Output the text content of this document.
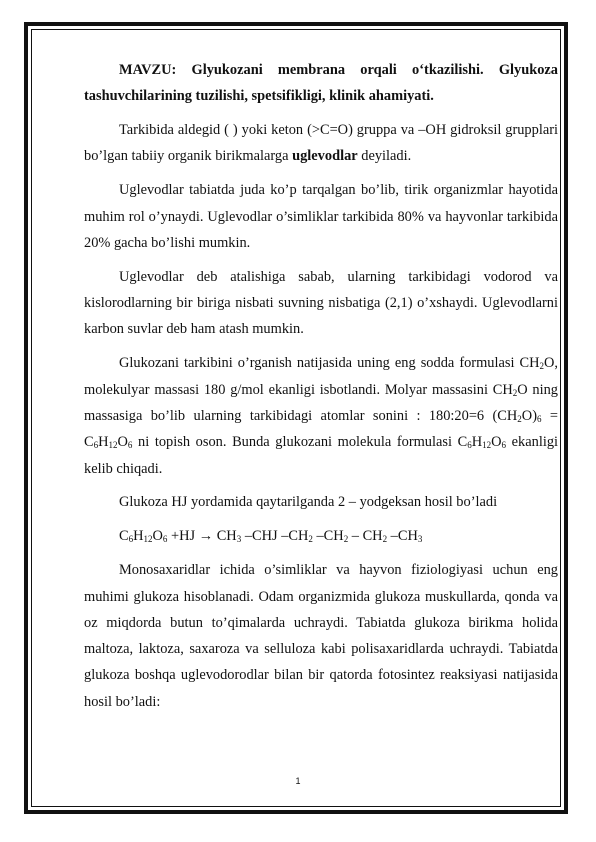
MAVZU: Glyukozani membrana orqali o‘tkazilishi. Glyukoza tashuvchilarining tuzilishi, spetsifikligi, klinik ahamiyati.

Tarkibida aldegid ( ) yoki keton (>C=O) gruppa va –OH gidroksil grupplari bo’lgan tabiiy organik birikmalarga uglevodlar deyiladi.

Uglevodlar tabiatda juda ko’p tarqalgan bo’lib, tirik organizmlar hayotida muhim rol o’ynaydi. Uglevodlar o’simliklar tarkibida 80% va hayvonlar tarkibida 20% gacha bo’lishi mumkin.

Uglevodlar deb atalishiga sabab, ularning tarkibidagi vodorod va kislorodlarning bir biriga nisbati suvning nisbatiga (2,1) o’xshaydi. Uglevodlarni karbon suvlar deb ham atash mumkin.

Glukozani tarkibini o’rganish natijasida uning eng sodda formulasi $CH_2O$, molekulyar massasi 180 g/mol ekanligi isbotlandi. Molyar massasini $CH_2O$ ning massasiga bo’lib ularning tarkibidagi atomlar sonini : 180:20=6 $(CH_2O)_6 = C_6H_{12}O_6$ ni topish oson. Bunda glukozani molekula formulasi $C_6H_{12}O_6$ ekanligi kelib chiqadi.

Glukoza HJ yordamida qaytarilganda 2 – yodgeksan hosil bo’ladi

$C_6H_{12}O_6 +HJ \to CH_3$ –CHJ $-CH_2$ $-CH_2 - CH_2$ $-CH_3$

Monosaxaridlar ichida o’simliklar va hayvon fiziologiyasi uchun eng muhimi glukoza hisoblanadi. Odam organizmida glukoza muskullarda, qonda va oz miqdorda butun to’qimalarda uchraydi. Tabiatda glukoza birikma holida maltoza, laktoza, saxaroza va selluloza kabi polisaxaridlarda uchraydi. Tabiatda glukoza boshqa uglevodorodlar bilan bir qatorda fotosintez reaksiyasi natijasida hosil bo’ladi:

1
